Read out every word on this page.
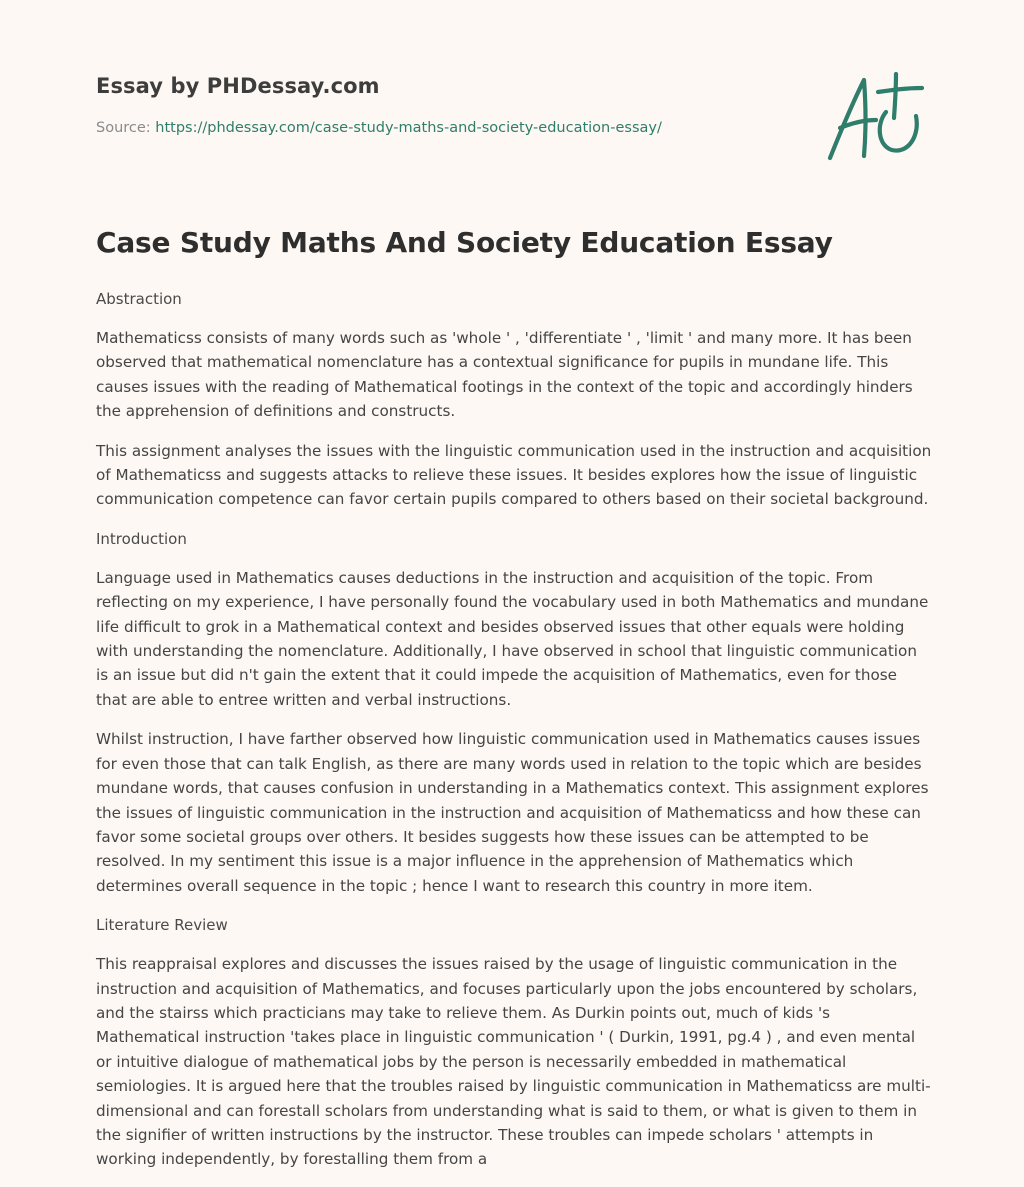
Essay by PHDessay.com

Source: https://phdessay.com/case-study-maths-and-society-education-essay/
Case Study Maths And Society Education Essay

Abstraction

Mathematicss consists of many words such as 'whole ' , 'differentiate ' , 'limit ' and many more. It has been observed that mathematical nomenclature has a contextual significance for pupils in mundane life. This causes issues with the reading of Mathematical footings in the context of the topic and accordingly hinders the apprehension of definitions and constructs.

This assignment analyses the issues with the linguistic communication used in the instruction and acquisition of Mathematicss and suggests attacks to relieve these issues. It besides explores how the issue of linguistic communication competence can favor certain pupils compared to others based on their societal background.

Introduction

Language used in Mathematics causes deductions in the instruction and acquisition of the topic. From reflecting on my experience, I have personally found the vocabulary used in both Mathematics and mundane life difficult to grok in a Mathematical context and besides observed issues that other equals were holding with understanding the nomenclature. Additionally, I have observed in school that linguistic communication is an issue but did n't gain the extent that it could impede the acquisition of Mathematics, even for those that are able to entree written and verbal instructions.

Whilst instruction, I have farther observed how linguistic communication used in Mathematics causes issues for even those that can talk English, as there are many words used in relation to the topic which are besides mundane words, that causes confusion in understanding in a Mathematics context. This assignment explores the issues of linguistic communication in the instruction and acquisition of Mathematicss and how these can favor some societal groups over others. It besides suggests how these issues can be attempted to be resolved. In my sentiment this issue is a major influence in the apprehension of Mathematics which determines overall sequence in the topic ; hence I want to research this country in more item.

Literature Review

This reappraisal explores and discusses the issues raised by the usage of linguistic communication in the instruction and acquisition of Mathematics, and focuses particularly upon the jobs encountered by scholars, and the stairss which practicians may take to relieve them. As Durkin points out, much of kids 's Mathematical instruction 'takes place in linguistic communication ' ( Durkin, 1991, pg.4 ) , and even mental or intuitive dialogue of mathematical jobs by the person is necessarily embedded in mathematical semiologies. It is argued here that the troubles raised by linguistic communication in Mathematicss are multi-dimensional and can forestall scholars from understanding what is said to them, or what is given to them in the signifier of written instructions by the instructor. These troubles can impede scholars ' attempts in working independently, by forestalling them from a
